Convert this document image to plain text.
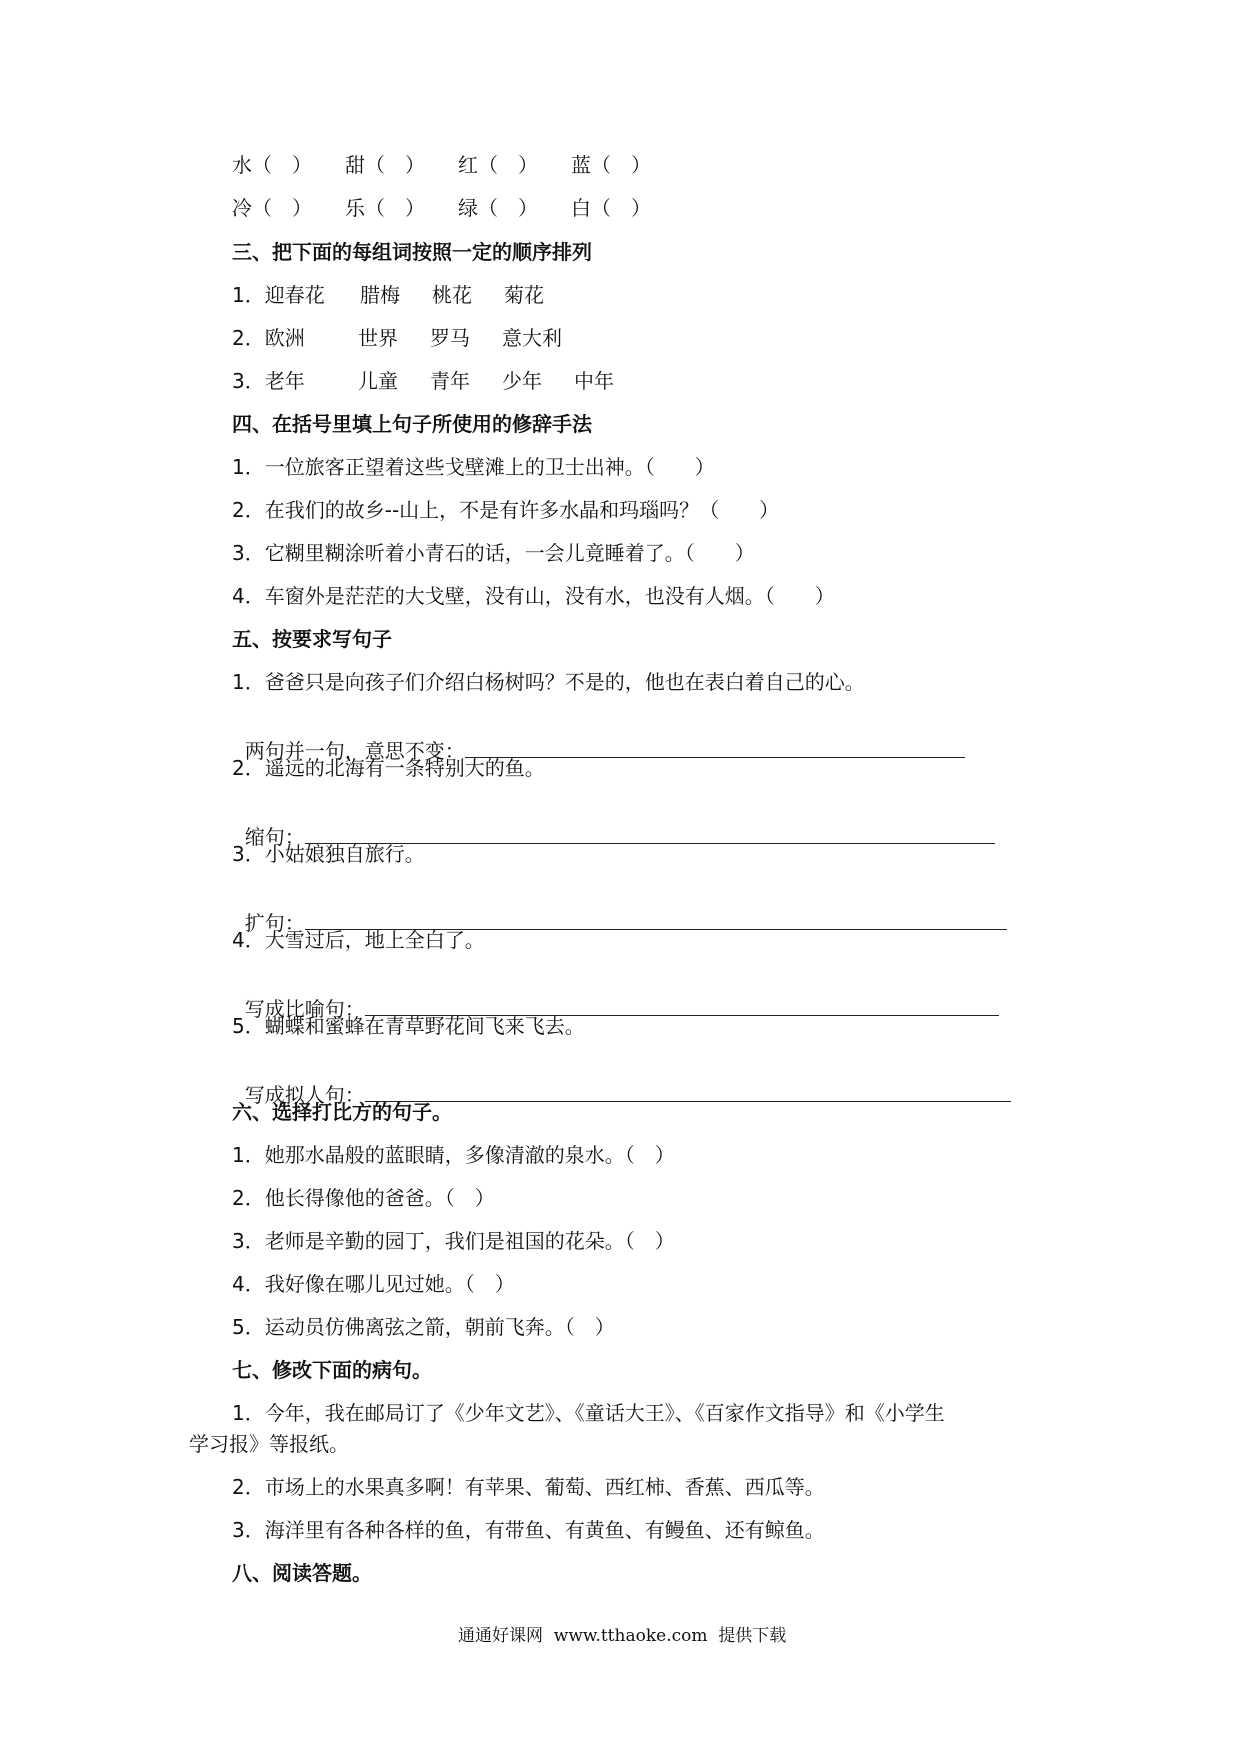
水（　） 甜（　） 红（　） 蓝（　）
冷（　） 乐（　） 绿（　） 白（　）
三、把下面的每组词按照一定的顺序排列
1．迎春花 腊梅 桃花 菊花
2．欧洲	世界 罗马 意大利
3．老年	儿童 青年 少年 中年
四、在括号里填上句子所使用的修辞手法
1．一位旅客正望着这些戈壁滩上的卫士出神。（　　）
2．在我们的故乡--山上，不是有许多水晶和玛瑙吗？（　　）
3．它糊里糊涂听着小青石的话，一会儿竟睡着了。（　　）
4．车窗外是茫茫的大戈壁，没有山，没有水，也没有人烟。（　　）
五、按要求写句子
1．爸爸只是向孩子们介绍白杨树吗？不是的，他也在表白着自己的心。

两句并一句，意思不变：

2．遥远的北海有一条特别大的鱼。

缩句：

3．小姑娘独自旅行。

扩句：

4．大雪过后，地上全白了。

写成比喻句：

5．蝴蝶和蜜蜂在青草野花间飞来飞去。

写成拟人句：

六、选择打比方的句子。
1．她那水晶般的蓝眼睛，多像清澈的泉水。（　）
2．他长得像他的爸爸。（　）
3．老师是辛勤的园丁，我们是祖国的花朵。（　）
4．我好像在哪儿见过她。（　）
5．运动员仿佛离弦之箭，朝前飞奔。（　）
七、修改下面的病句。
1．今年，我在邮局订了《少年文艺》、《童话大王》、《百家作文指导》和《小学生
学习报》等报纸。
2．市场上的水果真多啊！有苹果、葡萄、西红柿、香蕉、西瓜等。
3．海洋里有各种各样的鱼，有带鱼、有黄鱼、有鳗鱼、还有鲸鱼。
八、阅读答题。
通通好课网  www.tthaoke.com  提供下载
